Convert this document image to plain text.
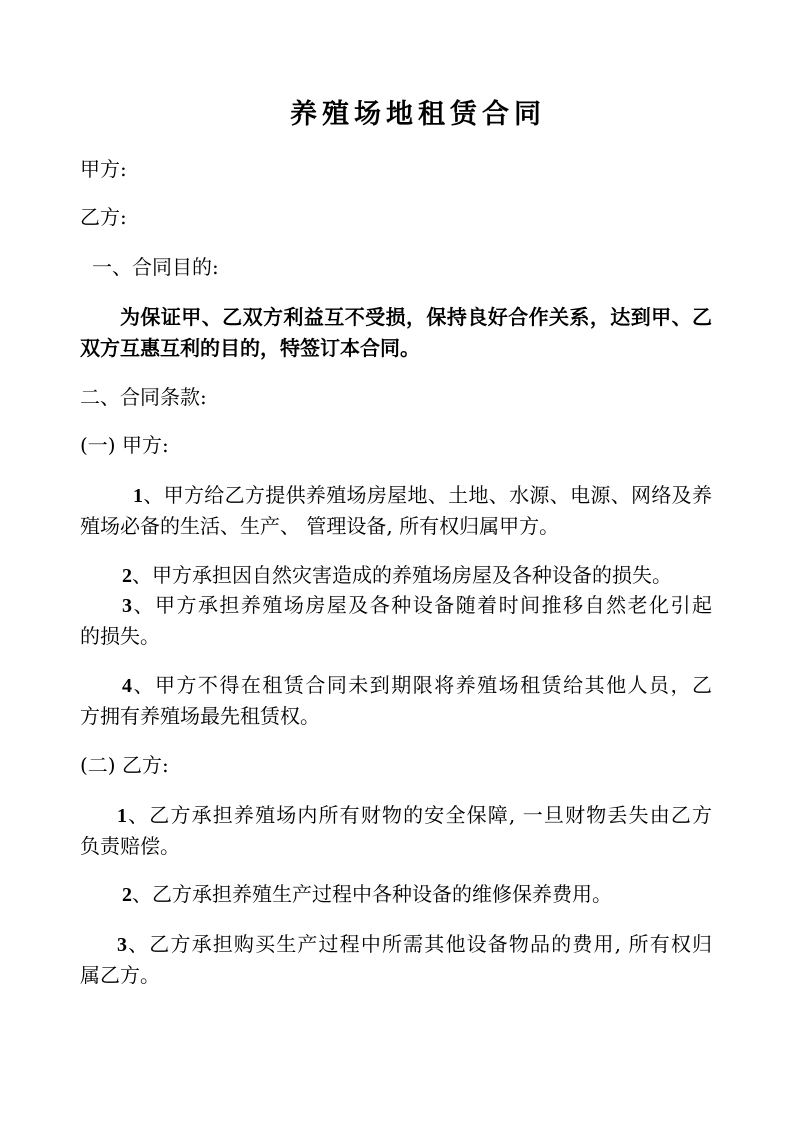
养殖场地租赁合同
甲方:
乙方:
一、合同目的:
为保证甲、乙双方利益互不受损，保持良好合作关系，达到甲、乙
双方互惠互利的目的，特签订本合同。
二、合同条款:
(一) 甲方:
1、甲方给乙方提供养殖场房屋地、土地、水源、电源、网络及养
殖场必备的生活、生产、 管理设备, 所有权归属甲方。
2、甲方承担因自然灾害造成的养殖场房屋及各种设备的损失。
3、甲方承担养殖场房屋及各种设备随着时间推移自然老化引起
的损失。
4、甲方不得在租赁合同未到期限将养殖场租赁给其他人员，乙
方拥有养殖场最先租赁权。
(二) 乙方:
1、乙方承担养殖场内所有财物的安全保障, 一旦财物丢失由乙方
负责赔偿。
2、乙方承担养殖生产过程中各种设备的维修保养费用。
3、乙方承担购买生产过程中所需其他设备物品的费用, 所有权归
属乙方。
